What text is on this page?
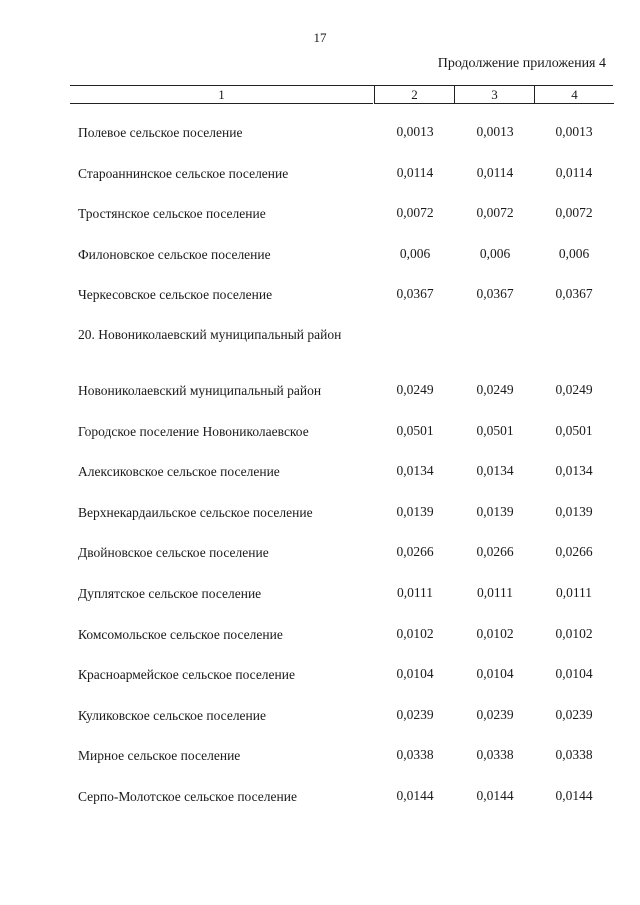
17
Продолжение приложения 4
1	2	3	4
Полевое сельское поселение	0,0013	0,0013	0,0013
Староаннинское сельское поселение	0,0114	0,0114	0,0114
Тростянское сельское поселение	0,0072	0,0072	0,0072
Филоновское сельское поселение	0,006	0,006	0,006
Черкесовское сельское поселение	0,0367	0,0367	0,0367
20. Новониколаевский муниципальный район
Новониколаевский муниципальный район	0,0249	0,0249	0,0249
Городское поселение Новониколаевское	0,0501	0,0501	0,0501
Алексиковское сельское поселение	0,0134	0,0134	0,0134
Верхнекардаильское сельское поселение	0,0139	0,0139	0,0139
Двойновское сельское поселение	0,0266	0,0266	0,0266
Дуплятское сельское поселение	0,0111	0,0111	0,0111
Комсомольское сельское поселение	0,0102	0,0102	0,0102
Красноармейское сельское поселение	0,0104	0,0104	0,0104
Куликовское сельское поселение	0,0239	0,0239	0,0239
Мирное сельское поселение	0,0338	0,0338	0,0338
Серпо-Молотское сельское поселение	0,0144	0,0144	0,0144
